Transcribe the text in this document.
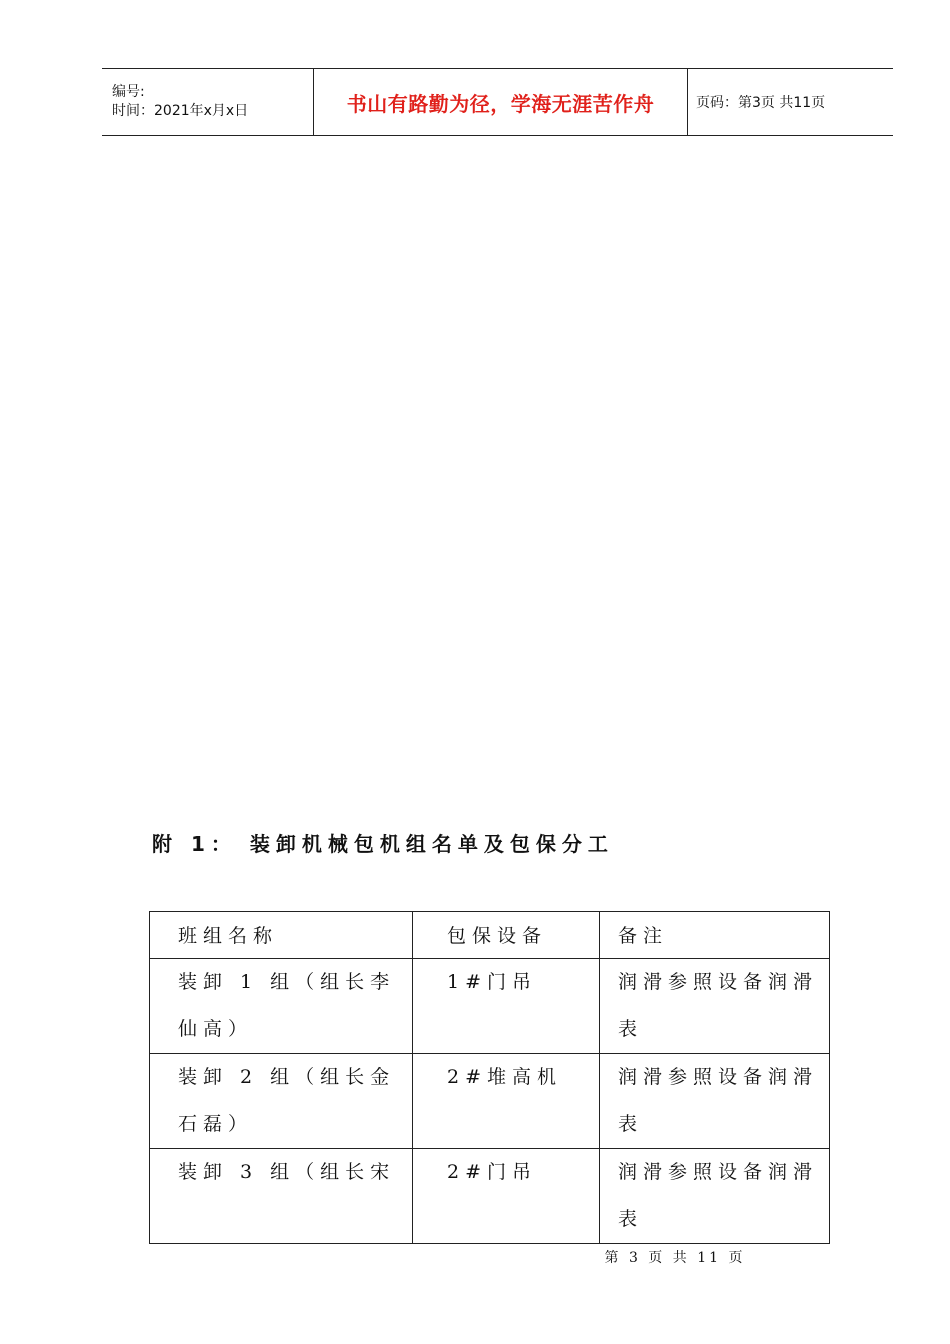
编号:
时间：2021年x月x日	书山有路勤为径，学海无涯苦作舟	页码：第3页 共11页
附 1： 装卸机械包机组名单及包保分工
班组名称	包保设备	备注
装卸 1 组（组长李仙高）	1#门吊	润滑参照设备润滑表
装卸 2 组（组长金石磊）	2#堆高机	润滑参照设备润滑表
装卸 3 组（组长宋	2#门吊	润滑参照设备润滑表
第 3 页 共 11 页
